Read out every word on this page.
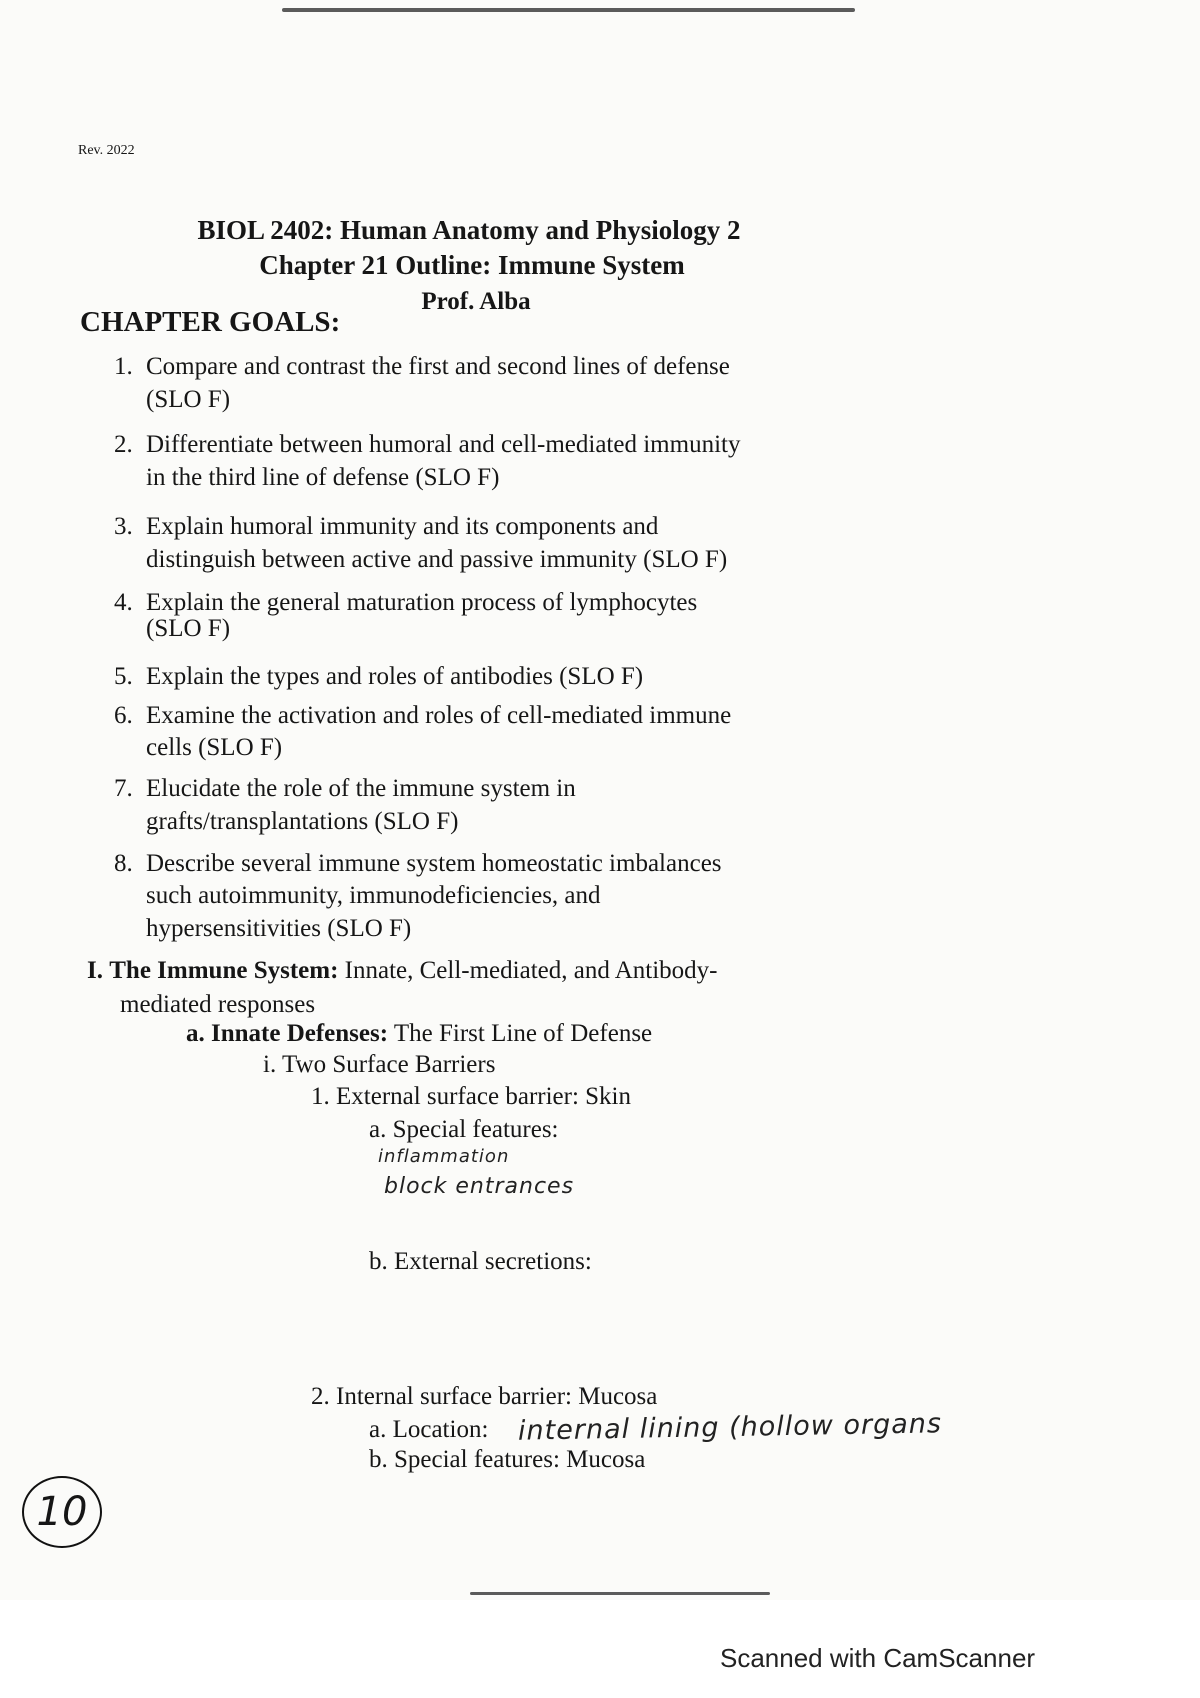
Rev. 2022
BIOL 2402: Human Anatomy and Physiology 2
Chapter 21 Outline: Immune System
Prof. Alba
CHAPTER GOALS:
1. Compare and contrast the first and second lines of defense
(SLO F)
2. Differentiate between humoral and cell-mediated immunity
in the third line of defense (SLO F)
3. Explain humoral immunity and its components and
distinguish between active and passive immunity (SLO F)
4. Explain the general maturation process of lymphocytes
(SLO F)
5. Explain the types and roles of antibodies (SLO F)
6. Examine the activation and roles of cell-mediated immune
cells (SLO F)
7. Elucidate the role of the immune system in
grafts/transplantations (SLO F)
8. Describe several immune system homeostatic imbalances
such autoimmunity, immunodeficiencies, and
hypersensitivities (SLO F)
I. The Immune System: Innate, Cell-mediated, and Antibody-
mediated responses
a. Innate Defenses: The First Line of Defense
i. Two Surface Barriers
1. External surface barrier: Skin
a. Special features:
inflammation
block entrances
b. External secretions:
2. Internal surface barrier: Mucosa
a. Location: internal lining (hollow organs
b. Special features: Mucosa
10
Scanned with CamScanner
